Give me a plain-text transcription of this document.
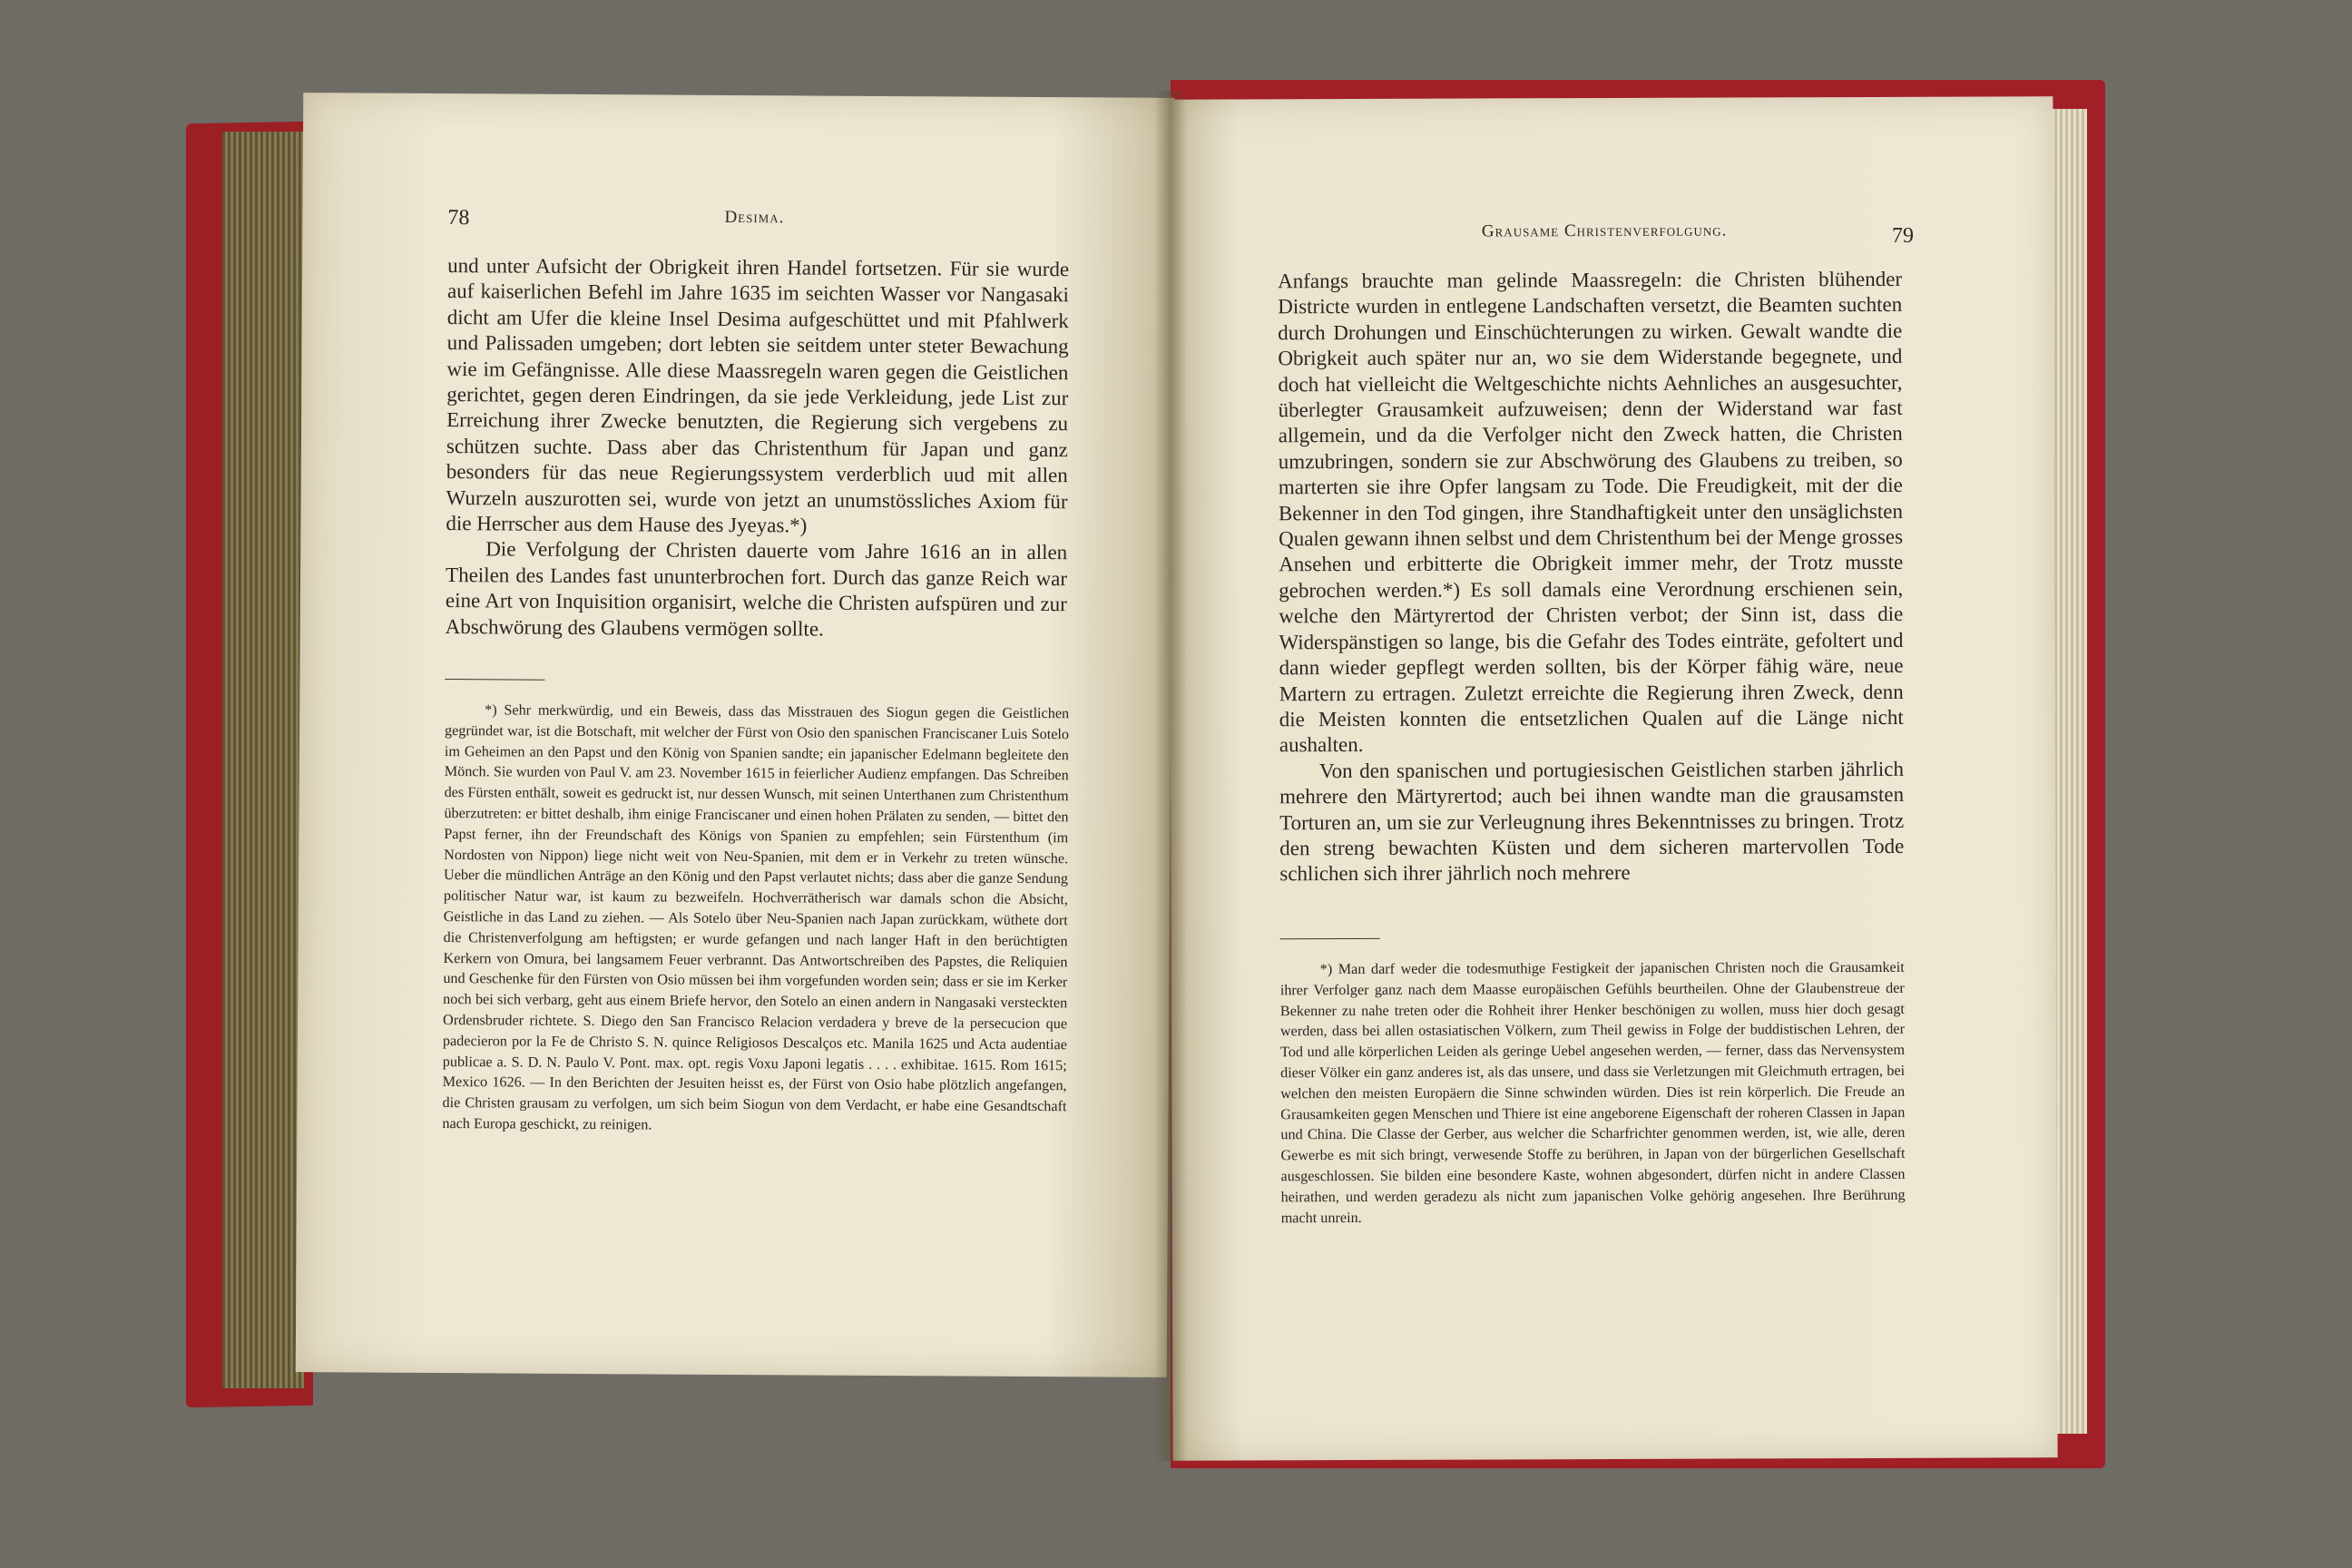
78	Desima.

und unter Aufsicht der Obrigkeit ihren Handel fortsetzen. Für sie wurde auf kaiserlichen Befehl im Jahre 1635 im seichten Wasser vor Nangasaki dicht am Ufer die kleine Insel Desima aufgeschüttet und mit Pfahlwerk und Palissaden umgeben; dort lebten sie seitdem unter steter Bewachung wie im Gefängnisse. Alle diese Maassregeln waren gegen die Geistlichen gerichtet, gegen deren Eindringen, da sie jede Verkleidung, jede List zur Erreichung ihrer Zwecke benutzten, die Regierung sich vergebens zu schützen suchte. Dass aber das Christenthum für Japan und ganz besonders für das neue Regierungssystem verderblich uud mit allen Wurzeln auszurotten sei, wurde von jetzt an unumstössliches Axiom für die Herrscher aus dem Hause des Jyeyas.*)

Die Verfolgung der Christen dauerte vom Jahre 1616 an in allen Theilen des Landes fast ununterbrochen fort. Durch das ganze Reich war eine Art von Inquisition organisirt, welche die Christen aufspüren und zur Abschwörung des Glaubens vermögen sollte.

*) Sehr merkwürdig, und ein Beweis, dass das Misstrauen des Siogun gegen die Geistlichen gegründet war, ist die Botschaft, mit welcher der Fürst von Osio den spanischen Franciscaner Luis Sotelo im Geheimen an den Papst und den König von Spanien sandte; ein japanischer Edelmann begleitete den Mönch. Sie wurden von Paul V. am 23. November 1615 in feierlicher Audienz empfangen. Das Schreiben des Fürsten enthält, soweit es gedruckt ist, nur dessen Wunsch, mit seinen Unterthanen zum Christenthum überzutreten: er bittet deshalb, ihm einige Franciscaner und einen hohen Prälaten zu senden, — bittet den Papst ferner, ihn der Freundschaft des Königs von Spanien zu empfehlen; sein Fürstenthum (im Nordosten von Nippon) liege nicht weit von Neu-Spanien, mit dem er in Verkehr zu treten wünsche. Ueber die mündlichen Anträge an den König und den Papst verlautet nichts; dass aber die ganze Sendung politischer Natur war, ist kaum zu bezweifeln. Hochverrätherisch war damals schon die Absicht, Geistliche in das Land zu ziehen. — Als Sotelo über Neu-Spanien nach Japan zurückkam, wüthete dort die Christenverfolgung am heftigsten; er wurde gefangen und nach langer Haft in den berüchtigten Kerkern von Omura, bei langsamem Feuer verbrannt. Das Antwortschreiben des Papstes, die Reliquien und Geschenke für den Fürsten von Osio müssen bei ihm vorgefunden worden sein; dass er sie im Kerker noch bei sich verbarg, geht aus einem Briefe hervor, den Sotelo an einen andern in Nangasaki versteckten Ordensbruder richtete. S. Diego den San Francisco Relacion verdadera y breve de la persecucion que padecieron por la Fe de Christo S. N. quince Religiosos Descalços etc. Manila 1625 und Acta audentiae publicae a. S. D. N. Paulo V. Pont. max. opt. regis Voxu Japoni legatis . . . . exhibitae. 1615. Rom 1615; Mexico 1626. — In den Berichten der Jesuiten heisst es, der Fürst von Osio habe plötzlich angefangen, die Christen grausam zu verfolgen, um sich beim Siogun von dem Verdacht, er habe eine Gesandtschaft nach Europa geschickt, zu reinigen.

Grausame Christenverfolgung.	79

Anfangs brauchte man gelinde Maassregeln: die Christen blühender Districte wurden in entlegene Landschaften versetzt, die Beamten suchten durch Drohungen und Einschüchterungen zu wirken. Gewalt wandte die Obrigkeit auch später nur an, wo sie dem Widerstande begegnete, und doch hat vielleicht die Weltgeschichte nichts Aehnliches an ausgesuchter, überlegter Grausamkeit aufzuweisen; denn der Widerstand war fast allgemein, und da die Verfolger nicht den Zweck hatten, die Christen umzubringen, sondern sie zur Abschwörung des Glaubens zu treiben, so marterten sie ihre Opfer langsam zu Tode. Die Freudigkeit, mit der die Bekenner in den Tod gingen, ihre Standhaftigkeit unter den unsäglichsten Qualen gewann ihnen selbst und dem Christenthum bei der Menge grosses Ansehen und erbitterte die Obrigkeit immer mehr, der Trotz musste gebrochen werden.*) Es soll damals eine Verordnung erschienen sein, welche den Märtyrertod der Christen verbot; der Sinn ist, dass die Widerspänstigen so lange, bis die Gefahr des Todes einträte, gefoltert und dann wieder gepflegt werden sollten, bis der Körper fähig wäre, neue Martern zu ertragen. Zuletzt erreichte die Regierung ihren Zweck, denn die Meisten konnten die entsetzlichen Qualen auf die Länge nicht aushalten.

Von den spanischen und portugiesischen Geistlichen starben jährlich mehrere den Märtyrertod; auch bei ihnen wandte man die grausamsten Torturen an, um sie zur Verleugnung ihres Bekenntnisses zu bringen. Trotz den streng bewachten Küsten und dem sicheren martervollen Tode schlichen sich ihrer jährlich noch mehrere

*) Man darf weder die todesmuthige Festigkeit der japanischen Christen noch die Grausamkeit ihrer Verfolger ganz nach dem Maasse europäischen Gefühls beurtheilen. Ohne der Glaubenstreue der Bekenner zu nahe treten oder die Rohheit ihrer Henker beschönigen zu wollen, muss hier doch gesagt werden, dass bei allen ostasiatischen Völkern, zum Theil gewiss in Folge der buddistischen Lehren, der Tod und alle körperlichen Leiden als geringe Uebel angesehen werden, — ferner, dass das Nervensystem dieser Völker ein ganz anderes ist, als das unsere, und dass sie Verletzungen mit Gleichmuth ertragen, bei welchen den meisten Europäern die Sinne schwinden würden. Dies ist rein körperlich. Die Freude an Grausamkeiten gegen Menschen und Thiere ist eine angeborene Eigenschaft der roheren Classen in Japan und China. Die Classe der Gerber, aus welcher die Scharfrichter genommen werden, ist, wie alle, deren Gewerbe es mit sich bringt, verwesende Stoffe zu berühren, in Japan von der bürgerlichen Gesellschaft ausgeschlossen. Sie bilden eine besondere Kaste, wohnen abgesondert, dürfen nicht in andere Classen heirathen, und werden geradezu als nicht zum japanischen Volke gehörig angesehen. Ihre Berührung macht unrein.
